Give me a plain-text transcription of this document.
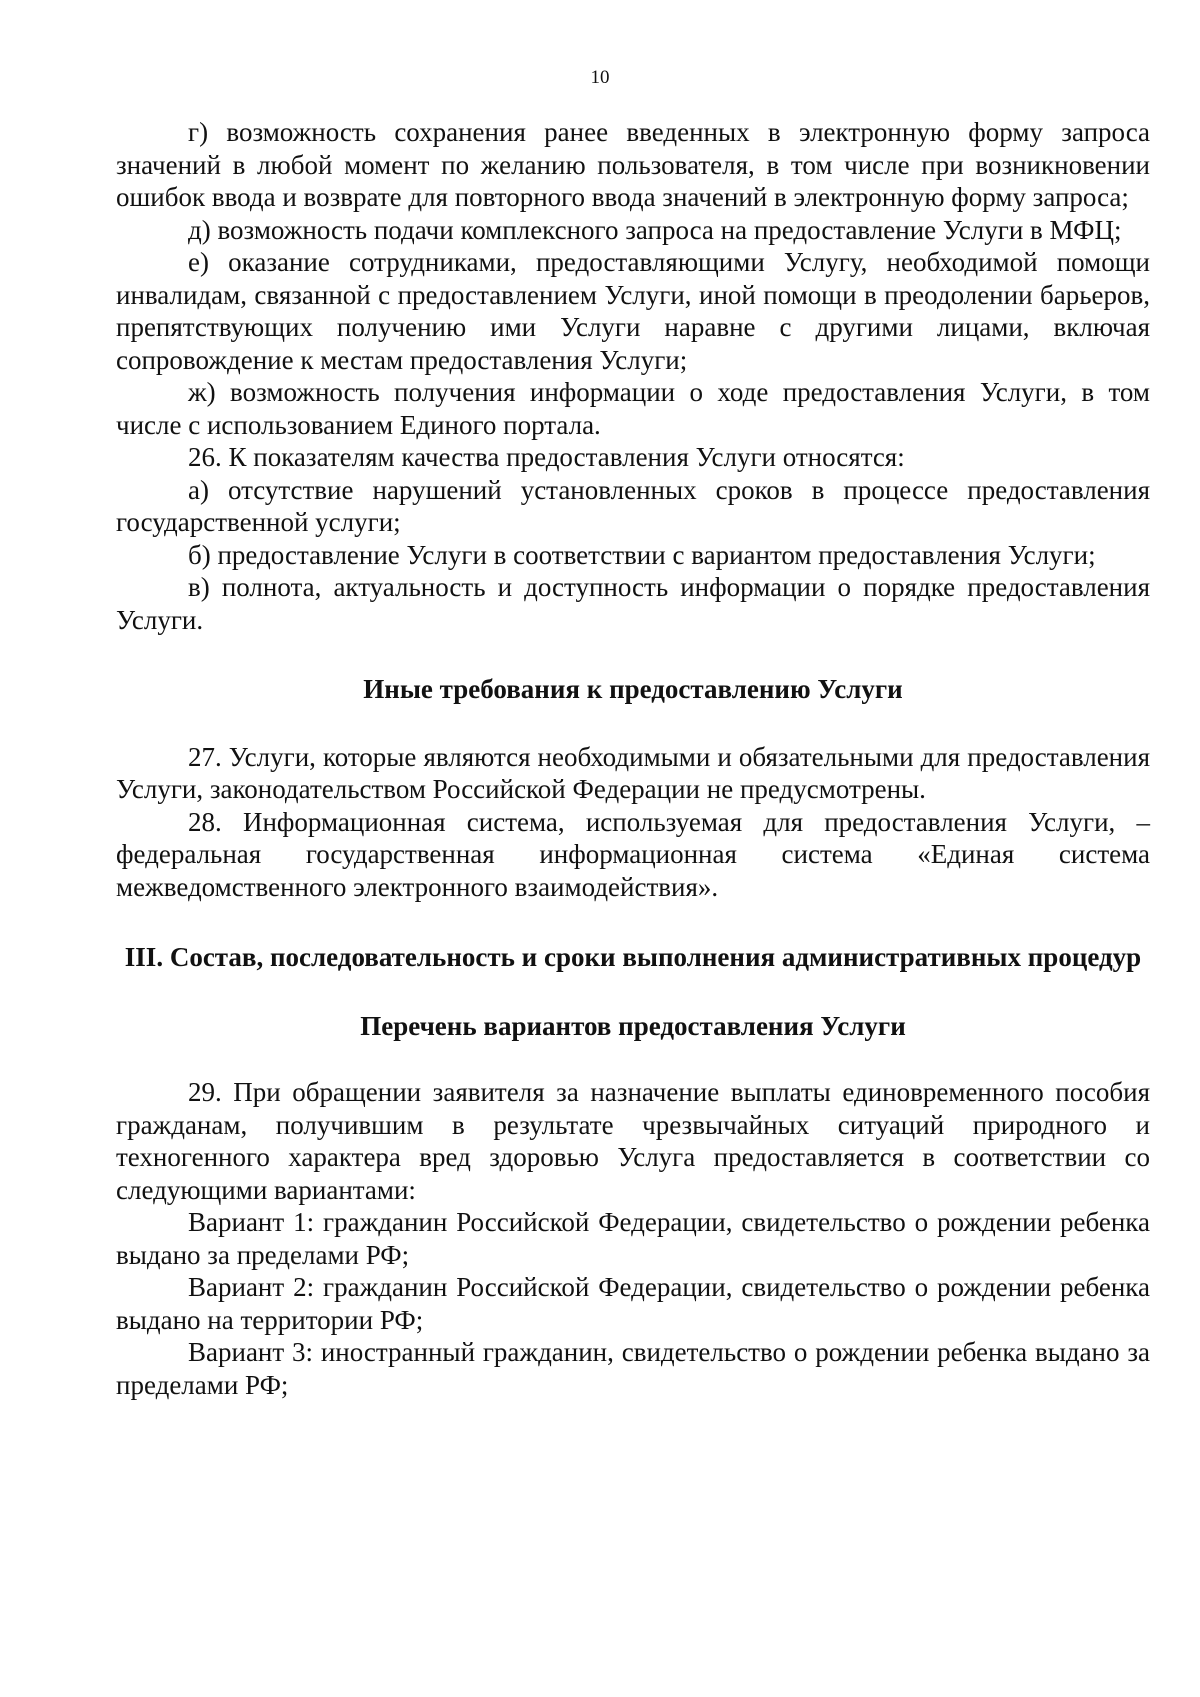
10

г) возможность сохранения ранее введенных в электронную форму запроса значений в любой момент по желанию пользователя, в том числе при возникновении ошибок ввода и возврате для повторного ввода значений в электронную форму запроса;

д) возможность подачи комплексного запроса на предоставление Услуги в МФЦ;

е) оказание сотрудниками, предоставляющими Услугу, необходимой помощи инвалидам, связанной с предоставлением Услуги, иной помощи в преодолении барьеров, препятствующих получению ими Услуги наравне с другими лицами, включая сопровождение к местам предоставления Услуги;

ж) возможность получения информации о ходе предоставления Услуги, в том числе с использованием Единого портала.

26. К показателям качества предоставления Услуги относятся:

а) отсутствие нарушений установленных сроков в процессе предоставления государственной услуги;

б) предоставление Услуги в соответствии с вариантом предоставления Услуги;

в) полнота, актуальность и доступность информации о порядке предоставления Услуги.

Иные требования к предоставлению Услуги

27. Услуги, которые являются необходимыми и обязательными для предоставления Услуги, законодательством Российской Федерации не предусмотрены.

28. Информационная система, используемая для предоставления Услуги, – федеральная государственная информационная система «Единая система межведомственного электронного взаимодействия».

III. Состав, последовательность и сроки выполнения административных процедур

Перечень вариантов предоставления Услуги

29. При обращении заявителя за назначение выплаты единовременного пособия гражданам, получившим в результате чрезвычайных ситуаций природного и техногенного характера вред здоровью Услуга предоставляется в соответствии со следующими вариантами:

Вариант 1: гражданин Российской Федерации, свидетельство о рождении ребенка выдано за пределами РФ;

Вариант 2: гражданин Российской Федерации, свидетельство о рождении ребенка выдано на территории РФ;

Вариант 3: иностранный гражданин, свидетельство о рождении ребенка выдано за пределами РФ;
